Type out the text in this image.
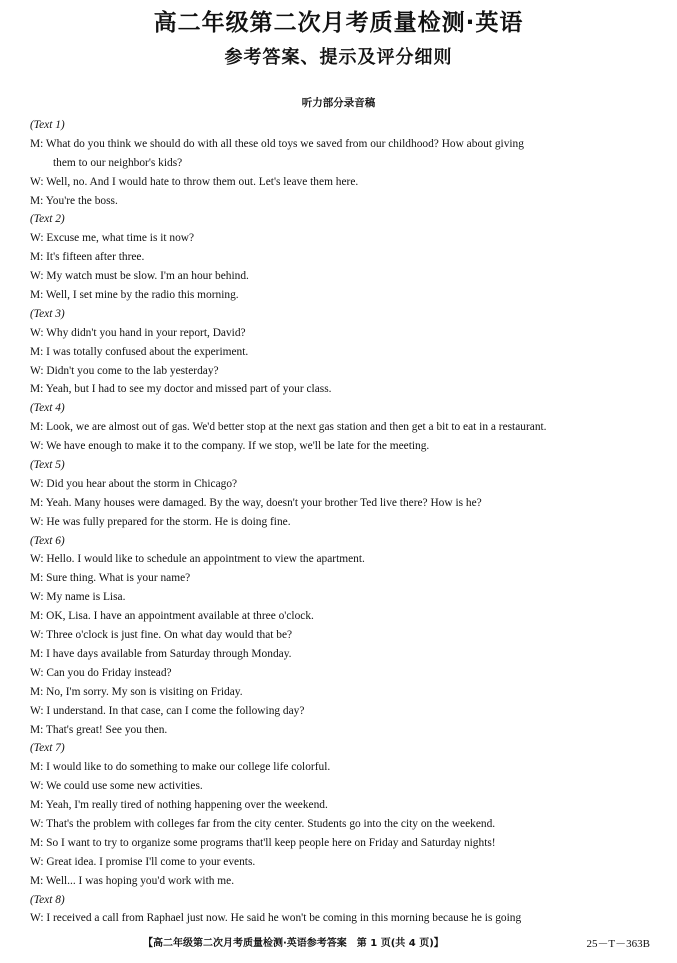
高二年级第二次月考质量检测·英语
参考答案、提示及评分细则
听力部分录音稿
(Text 1)
M: What do you think we should do with all these old toys we saved from our childhood? How about giving
them to our neighbor's kids?
W: Well, no. And I would hate to throw them out. Let's leave them here.
M: You're the boss.
(Text 2)
W: Excuse me, what time is it now?
M: It's fifteen after three.
W: My watch must be slow. I'm an hour behind.
M: Well, I set mine by the radio this morning.
(Text 3)
W: Why didn't you hand in your report, David?
M: I was totally confused about the experiment.
W: Didn't you come to the lab yesterday?
M: Yeah, but I had to see my doctor and missed part of your class.
(Text 4)
M: Look, we are almost out of gas. We'd better stop at the next gas station and then get a bit to eat in a restaurant.
W: We have enough to make it to the company. If we stop, we'll be late for the meeting.
(Text 5)
W: Did you hear about the storm in Chicago?
M: Yeah. Many houses were damaged. By the way, doesn't your brother Ted live there? How is he?
W: He was fully prepared for the storm. He is doing fine.
(Text 6)
W: Hello. I would like to schedule an appointment to view the apartment.
M: Sure thing. What is your name?
W: My name is Lisa.
M: OK, Lisa. I have an appointment available at three o'clock.
W: Three o'clock is just fine. On what day would that be?
M: I have days available from Saturday through Monday.
W: Can you do Friday instead?
M: No, I'm sorry. My son is visiting on Friday.
W: I understand. In that case, can I come the following day?
M: That's great! See you then.
(Text 7)
M: I would like to do something to make our college life colorful.
W: We could use some new activities.
M: Yeah, I'm really tired of nothing happening over the weekend.
W: That's the problem with colleges far from the city center. Students go into the city on the weekend.
M: So I want to try to organize some programs that'll keep people here on Friday and Saturday nights!
W: Great idea. I promise I'll come to your events.
M: Well... I was hoping you'd work with me.
(Text 8)
W: I received a call from Raphael just now. He said he won't be coming in this morning because he is going
【高二年级第二次月考质量检测·英语参考答案　第 1 页(共 4 页)】	25－T－363B
